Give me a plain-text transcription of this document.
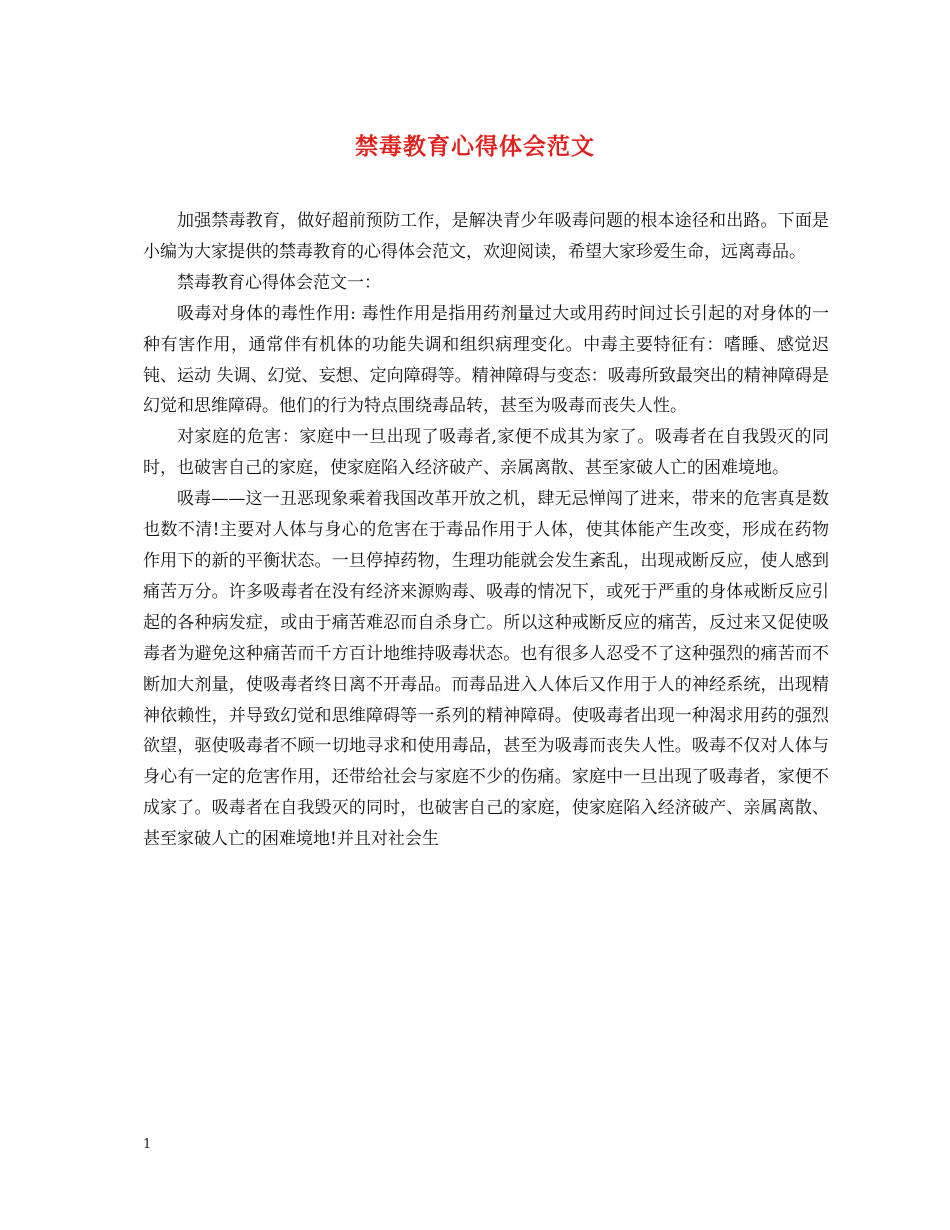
禁毒教育心得体会范文

加强禁毒教育，做好超前预防工作，是解决青少年吸毒问题的根本途径和出路。下面是小编为大家提供的禁毒教育的心得体会范文，欢迎阅读，希望大家珍爱生命，远离毒品。

禁毒教育心得体会范文一：

吸毒对身体的毒性作用: 毒性作用是指用药剂量过大或用药时间过长引起的对身体的一种有害作用，通常伴有机体的功能失调和组织病理变化。中毒主要特征有：嗜睡、感觉迟钝、运动 失调、幻觉、妄想、定向障碍等。精神障碍与变态：吸毒所致最突出的精神障碍是幻觉和思维障碍。他们的行为特点围绕毒品转，甚至为吸毒而丧失人性。

对家庭的危害：家庭中一旦出现了吸毒者,家便不成其为家了。吸毒者在自我毁灭的同时，也破害自己的家庭，使家庭陷入经济破产、亲属离散、甚至家破人亡的困难境地。

吸毒——这一丑恶现象乘着我国改革开放之机，肆无忌惮闯了进来，带来的危害真是数也数不清!主要对人体与身心的危害在于毒品作用于人体，使其体能产生改变，形成在药物作用下的新的平衡状态。一旦停掉药物，生理功能就会发生紊乱，出现戒断反应，使人感到痛苦万分。许多吸毒者在没有经济来源购毒、吸毒的情况下，或死于严重的身体戒断反应引起的各种病发症，或由于痛苦难忍而自杀身亡。所以这种戒断反应的痛苦，反过来又促使吸毒者为避免这种痛苦而千方百计地维持吸毒状态。也有很多人忍受不了这种强烈的痛苦而不断加大剂量，使吸毒者终日离不开毒品。而毒品进入人体后又作用于人的神经系统，出现精神依赖性，并导致幻觉和思维障碍等一系列的精神障碍。使吸毒者出现一种渴求用药的强烈欲望，驱使吸毒者不顾一切地寻求和使用毒品，甚至为吸毒而丧失人性。吸毒不仅对人体与身心有一定的危害作用，还带给社会与家庭不少的伤痛。家庭中一旦出现了吸毒者，家便不成家了。吸毒者在自我毁灭的同时，也破害自己的家庭，使家庭陷入经济破产、亲属离散、甚至家破人亡的困难境地!并且对社会生

1
